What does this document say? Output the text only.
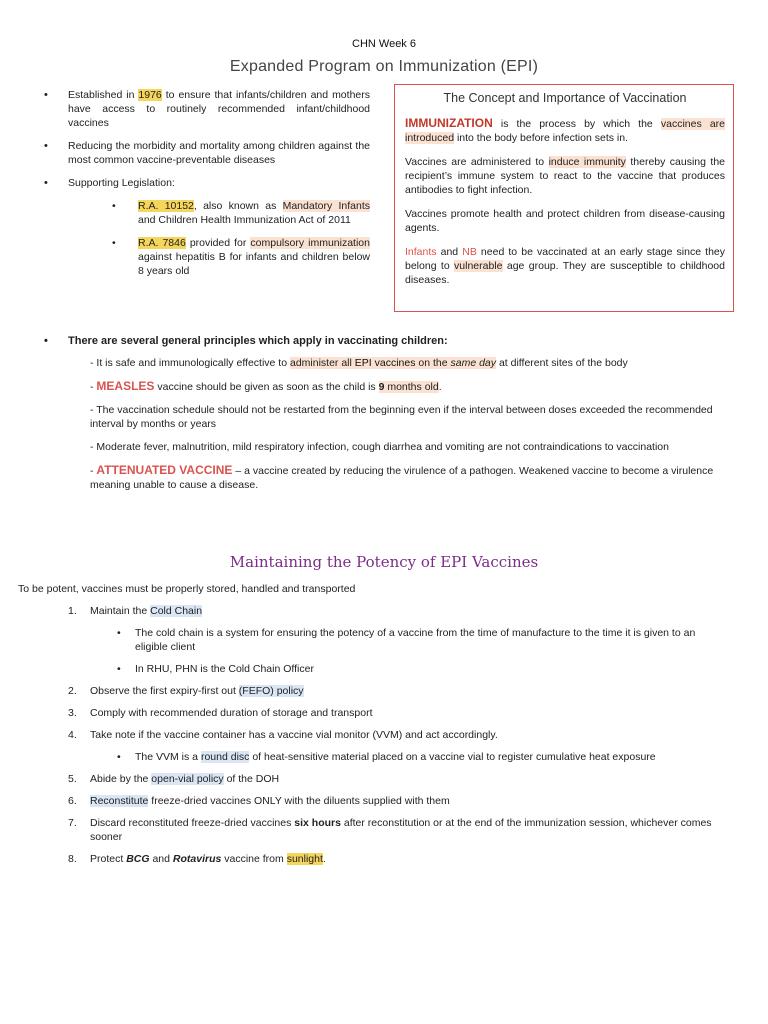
CHN Week 6
Expanded Program on Immunization (EPI)
• Established in 1976 to ensure that infants/children and mothers have access to routinely recommended infant/childhood vaccines
• Reducing the morbidity and mortality among children against the most common vaccine-preventable diseases
• Supporting Legislation:
• R.A. 10152, also known as Mandatory Infants and Children Health Immunization Act of 2011
• R.A. 7846 provided for compulsory immunization against hepatitis B for infants and children below 8 years old
The Concept and Importance of Vaccination

IMMUNIZATION is the process by which the vaccines are introduced into the body before infection sets in.

Vaccines are administered to induce immunity thereby causing the recipient’s immune system to react to the vaccine that produces antibodies to fight infection.

Vaccines promote health and protect children from disease-causing agents.

Infants and NB need to be vaccinated at an early stage since they belong to vulnerable age group. They are susceptible to childhood diseases.

• There are several general principles which apply in vaccinating children:
- It is safe and immunologically effective to administer all EPI vaccines on the same day at different sites of the body
- MEASLES vaccine should be given as soon as the child is 9 months old.
- The vaccination schedule should not be restarted from the beginning even if the interval between doses exceeded the recommended interval by months or years
- Moderate fever, malnutrition, mild respiratory infection, cough diarrhea and vomiting are not contraindications to vaccination
- ATTENUATED VACCINE – a vaccine created by reducing the virulence of a pathogen. Weakened vaccine to become a virulence meaning unable to cause a disease.
Maintaining the Potency of EPI Vaccines
To be potent, vaccines must be properly stored, handled and transported
1. Maintain the Cold Chain
• The cold chain is a system for ensuring the potency of a vaccine from the time of manufacture to the time it is given to an eligible client
• In RHU, PHN is the Cold Chain Officer
2. Observe the first expiry-first out (FEFO) policy
3. Comply with recommended duration of storage and transport
4. Take note if the vaccine container has a vaccine vial monitor (VVM) and act accordingly.
• The VVM is a round disc of heat-sensitive material placed on a vaccine vial to register cumulative heat exposure
5. Abide by the open-vial policy of the DOH
6. Reconstitute freeze-dried vaccines ONLY with the diluents supplied with them
7. Discard reconstituted freeze-dried vaccines six hours after reconstitution or at the end of the immunization session, whichever comes sooner
8. Protect BCG and Rotavirus vaccine from sunlight.
